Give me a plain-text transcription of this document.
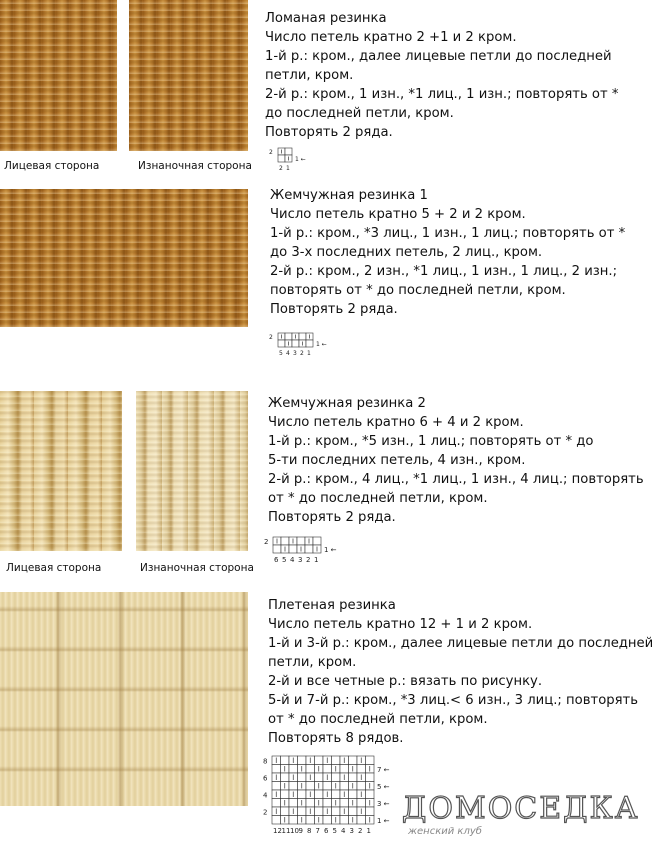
Лицевая сторона	Изнаночная сторона

Ломаная резинка

Число петель кратно 2 +1 и 2 кром.

1-й р.: кром., далее лицевые петли до последней

петли, кром.

2-й р.: кром., 1 изн., *1 лиц., 1 изн.; повторять от *

до последней петли, кром.

Повторять 2 ряда.

2
1 ←
2 1

Жемчужная резинка 1

Число петель кратно 5 + 2 и 2 кром.

1-й р.: кром., *3 лиц., 1 изн., 1 лиц.; повторять от *

до 3-х последних петель, 2 лиц., кром.

2-й р.: кром., 2 изн., *1 лиц., 1 изн., 1 лиц., 2 изн.;

повторять от * до последней петли, кром.

Повторять 2 ряда.

2
1 ←
5 4 3 2 1
Лицевая сторона	Изнаночная сторона

Жемчужная резинка 2

Число петель кратно 6 + 4 и 2 кром.

1-й р.: кром., *5 изн., 1 лиц.; повторять от * до

5-ти последних петель, 4 изн., кром.

2-й р.: кром., 4 лиц., *1 лиц., 1 изн., 4 лиц.; повторять

от * до последней петли, кром.

Повторять 2 ряда.

2
1 ←
6 5 4 3 2 1

Плетеная резинка

Число петель кратно 12 + 1 и 2 кром.

1-й и 3-й р.: кром., далее лицевые петли до последней

петли, кром.

2-й и все четные р.: вязать по рисунку.

5-й и 7-й р.: кром., *3 лиц.< 6 изн., 3 лиц.; повторять

от * до последней петли, кром.

Повторять 8 рядов.

8
7 ←
6
5 ←
4
3 ←
2
1 ←
12 11 10 9 8 7 6 5 4 3 2 1
ДОМОСЕДКА
женский клуб
